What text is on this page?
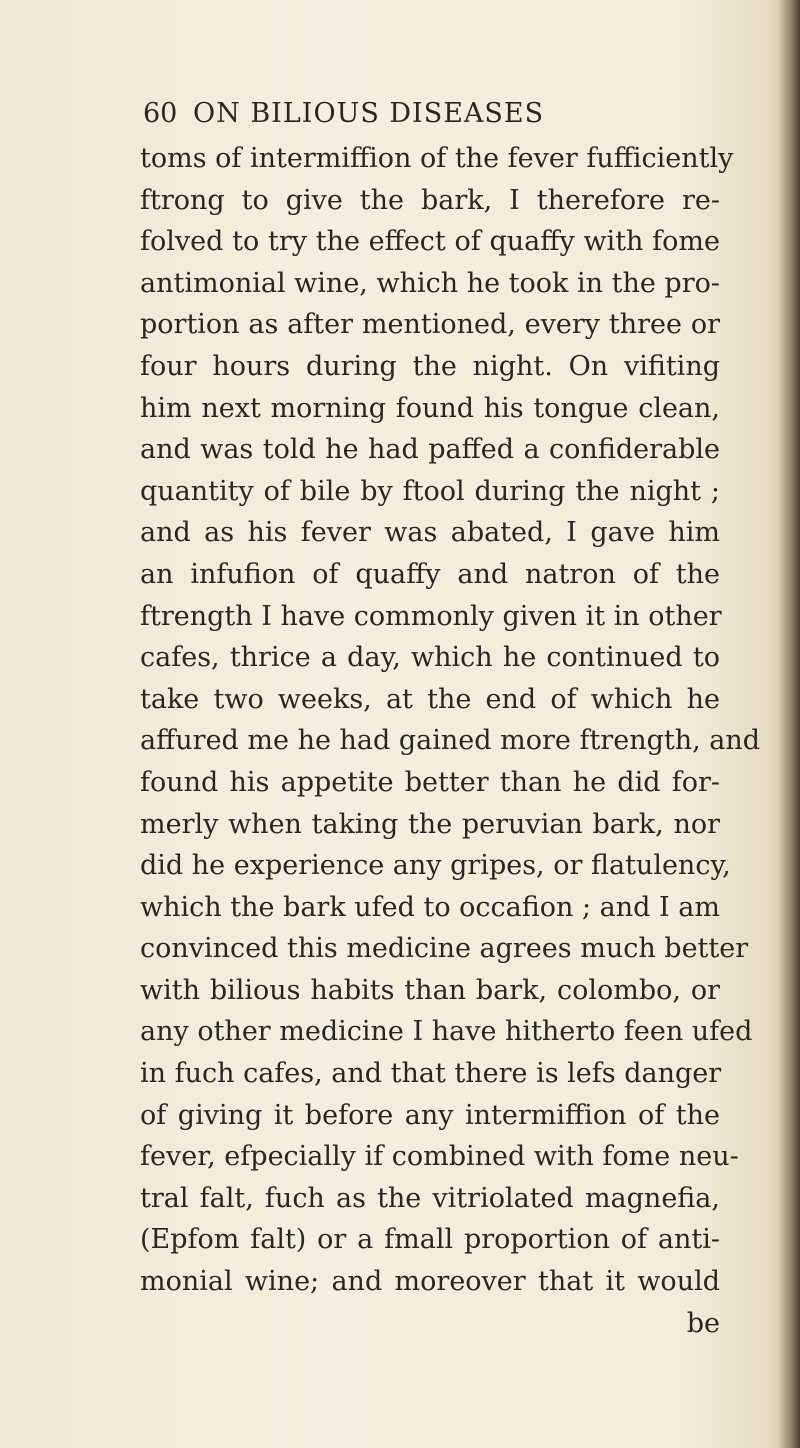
60 ON BILIOUS DISEASES
toms of intermiffion of the fever fufficiently
ftrong to give the bark, I therefore re-
folved to try the effect of quaffy with fome
antimonial wine, which he took in the pro-
portion as after mentioned, every three or
four hours during the night. On vifiting
him next morning found his tongue clean,
and was told he had paffed a confiderable
quantity of bile by ftool during the night ;
and as his fever was abated, I gave him
an infufion of quaffy and natron of the
ftrength I have commonly given it in other
cafes, thrice a day, which he continued to
take two weeks, at the end of which he
affured me he had gained more ftrength, and
found his appetite better than he did for-
merly when taking the peruvian bark, nor
did he experience any gripes, or flatulency,
which the bark ufed to occafion ; and I am
convinced this medicine agrees much better
with bilious habits than bark, colombo, or
any other medicine I have hitherto feen ufed
in fuch cafes, and that there is lefs danger
of giving it before any intermiffion of the
fever, efpecially if combined with fome neu-
tral falt, fuch as the vitriolated magnefia,
(Epfom falt) or a fmall proportion of anti-
monial wine; and moreover that it would
be
